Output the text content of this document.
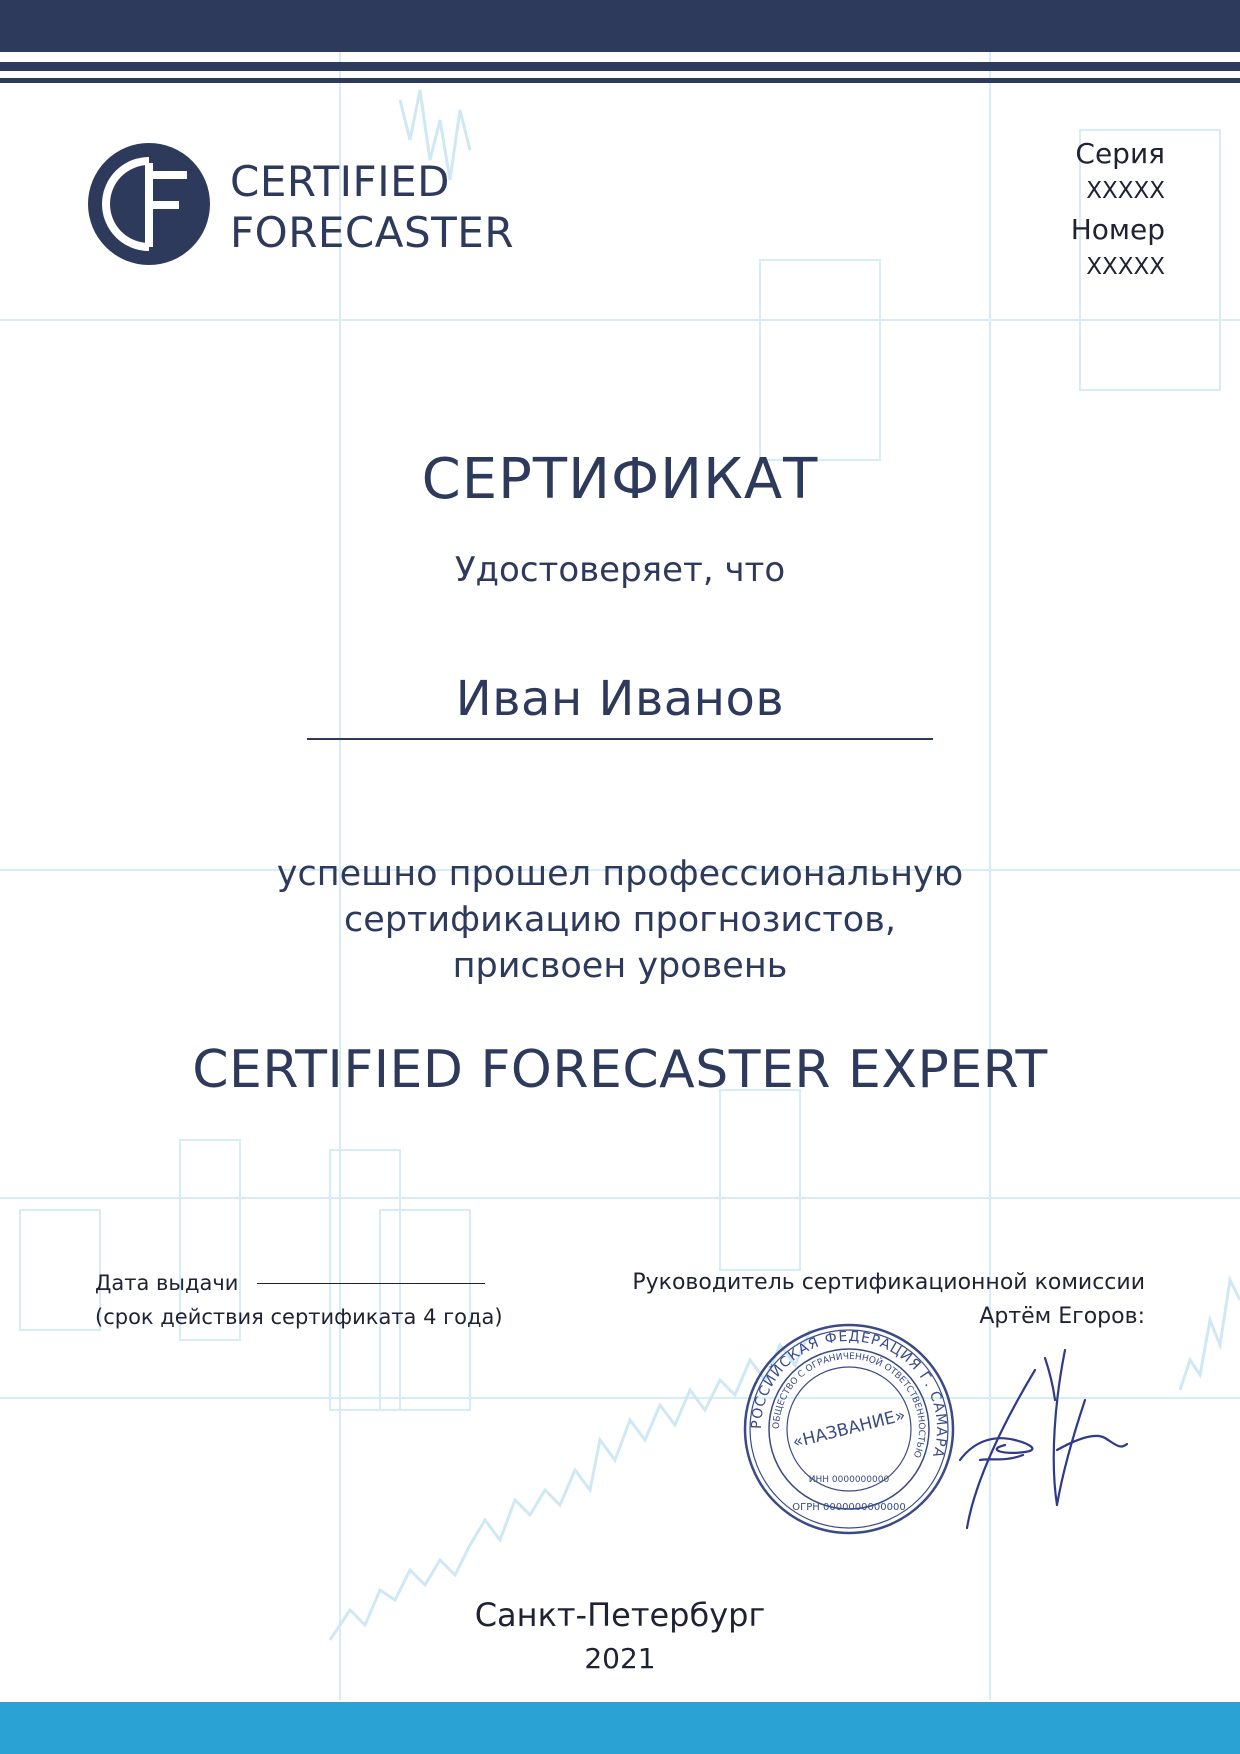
CERTIFIED
FORECASTER
Серия
XXXXX
Номер
XXXXX
СЕРТИФИКАТ
Удостоверяет, что
Иван Иванов
успешно прошел профессиональную
сертификацию прогнозистов,
присвоен уровень
CERTIFIED FORECASTER EXPERT
Дата выдачи
(срок действия сертификата 4 года)
Руководитель сертификационной комиссии
Артём Егоров:
РОССИЙСКАЯ ФЕДЕРАЦИЯ Г. САМАРА
ОБЩЕСТВО С ОГРАНИЧЕННОЙ ОТВЕТСТВЕННОСТЬЮ
«НАЗВАНИЕ»
ИНН 0000000000
ОГРН 0000000000000
Санкт-Петербург
2021
